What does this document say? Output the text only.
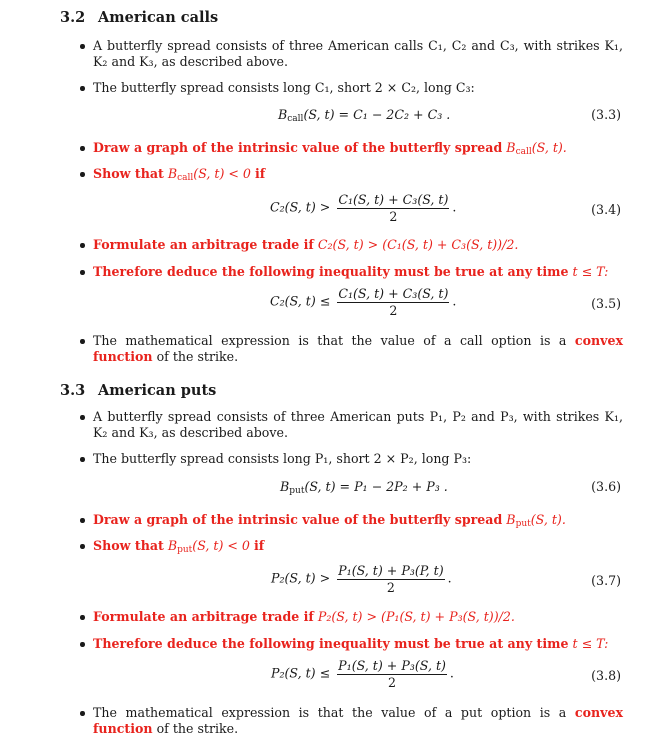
3.2 American calls
A butterfly spread consists of three American calls C₁, C₂ and C₃, with strikes K₁, K₂ and K₃, as described above.
The butterfly spread consists long C₁, short 2 × C₂, long C₃:
$B_{call}(S$, t) = C₁ − 2C₂ + C₃ .	(3.3)
Draw a graph of the intrinsic value of the butterfly spread $B_{call}(S$, t).
Show that $B_{call}(S$, t) < 0 if
C₂(S, $t) > \frac{\text{C₁(S, t) + C₃(S, t)}}{2}$ .	(3.4)
Formulate an arbitrage trade if C₂(S, t) > (C₁(S, t) + C₃(S, t))/2.
Therefore deduce the following inequality must be true at any time t ≤ T:
C₂(S, $t) \le \frac{\text{C₁(S, t) + C₃(S, t)}}{2}$ .	(3.5)
The mathematical expression is that the value of a call option is a convex function of the strike.
3.3 American puts
A butterfly spread consists of three American puts P₁, P₂ and P₃, with strikes K₁, K₂ and K₃, as described above.
The butterfly spread consists long P₁, short 2 × P₂, long P₃:
$B_{put}(S$, t) = P₁ − 2P₂ + P₃ .	(3.6)
Draw a graph of the intrinsic value of the butterfly spread $B_{put}(S$, t).
Show that $B_{put}(S$, t) < 0 if
P₂(S, $t) > \frac{\text{P₁(S, t) + P₃(P, t)}}{2}$ .	(3.7)
Formulate an arbitrage trade if P₂(S, t) > (P₁(S, t) + P₃(S, t))/2.
Therefore deduce the following inequality must be true at any time t ≤ T:
P₂(S, $t) \le \frac{\text{P₁(S, t) + P₃(S, t)}}{2}$ .	(3.8)
The mathematical expression is that the value of a put option is a convex function of the strike.
